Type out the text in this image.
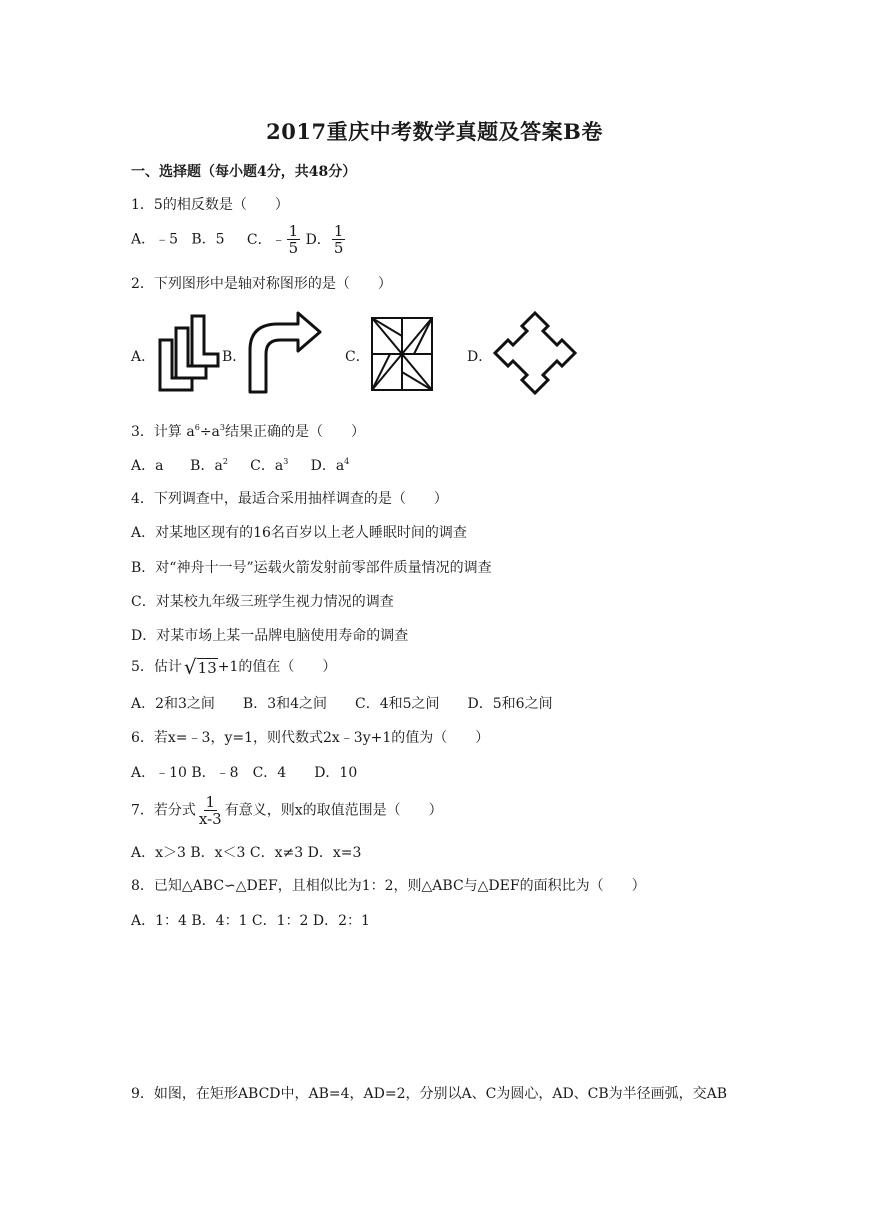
2017重庆中考数学真题及答案B卷
一、选择题（每小题4分，共48分）
1．5的相反数是（　　）
A．﹣5 B．5 C．﹣ $\frac{1}{5}$ D． $\frac{1}{5}$
2．下列图形中是轴对称图形的是（　　）
A．	B．	C．	D．
3．计算 $a^6\div a^3$结果正确的是（　　）
A．a B．$a^2$ C．$a^3$ D．$a^4$
4．下列调查中，最适合采用抽样调查的是（　　）
A．对某地区现有的16名百岁以上老人睡眠时间的调查
B．对“神舟十一号”运载火箭发射前零部件质量情况的调查
C．对某校九年级三班学生视力情况的调查
D．对某市场上某一品牌电脑使用寿命的调查
5．估计 √ 13 +1的值在（　　）
A．2和3之间　　B．3和4之间　　C．4和5之间　　D．5和6之间
6．若x=﹣3，y=1，则代数式2x﹣3y+1的值为（　　）
A．﹣10 B．﹣8　C．4　　D．10
7．若分式 $\frac{1}{x-3}$ 有意义，则x的取值范围是（　　）
A．x＞3 B．x＜3 C．x≠3 D．x=3
8．已知△ABC∽△DEF，且相似比为1：2，则△ABC与△DEF的面积比为（　　）
A．1：4 B．4：1 C．1：2 D．2：1
9．如图，在矩形ABCD中，AB=4，AD=2，分别以A、C为圆心，AD、CB为半径画弧，交AB
